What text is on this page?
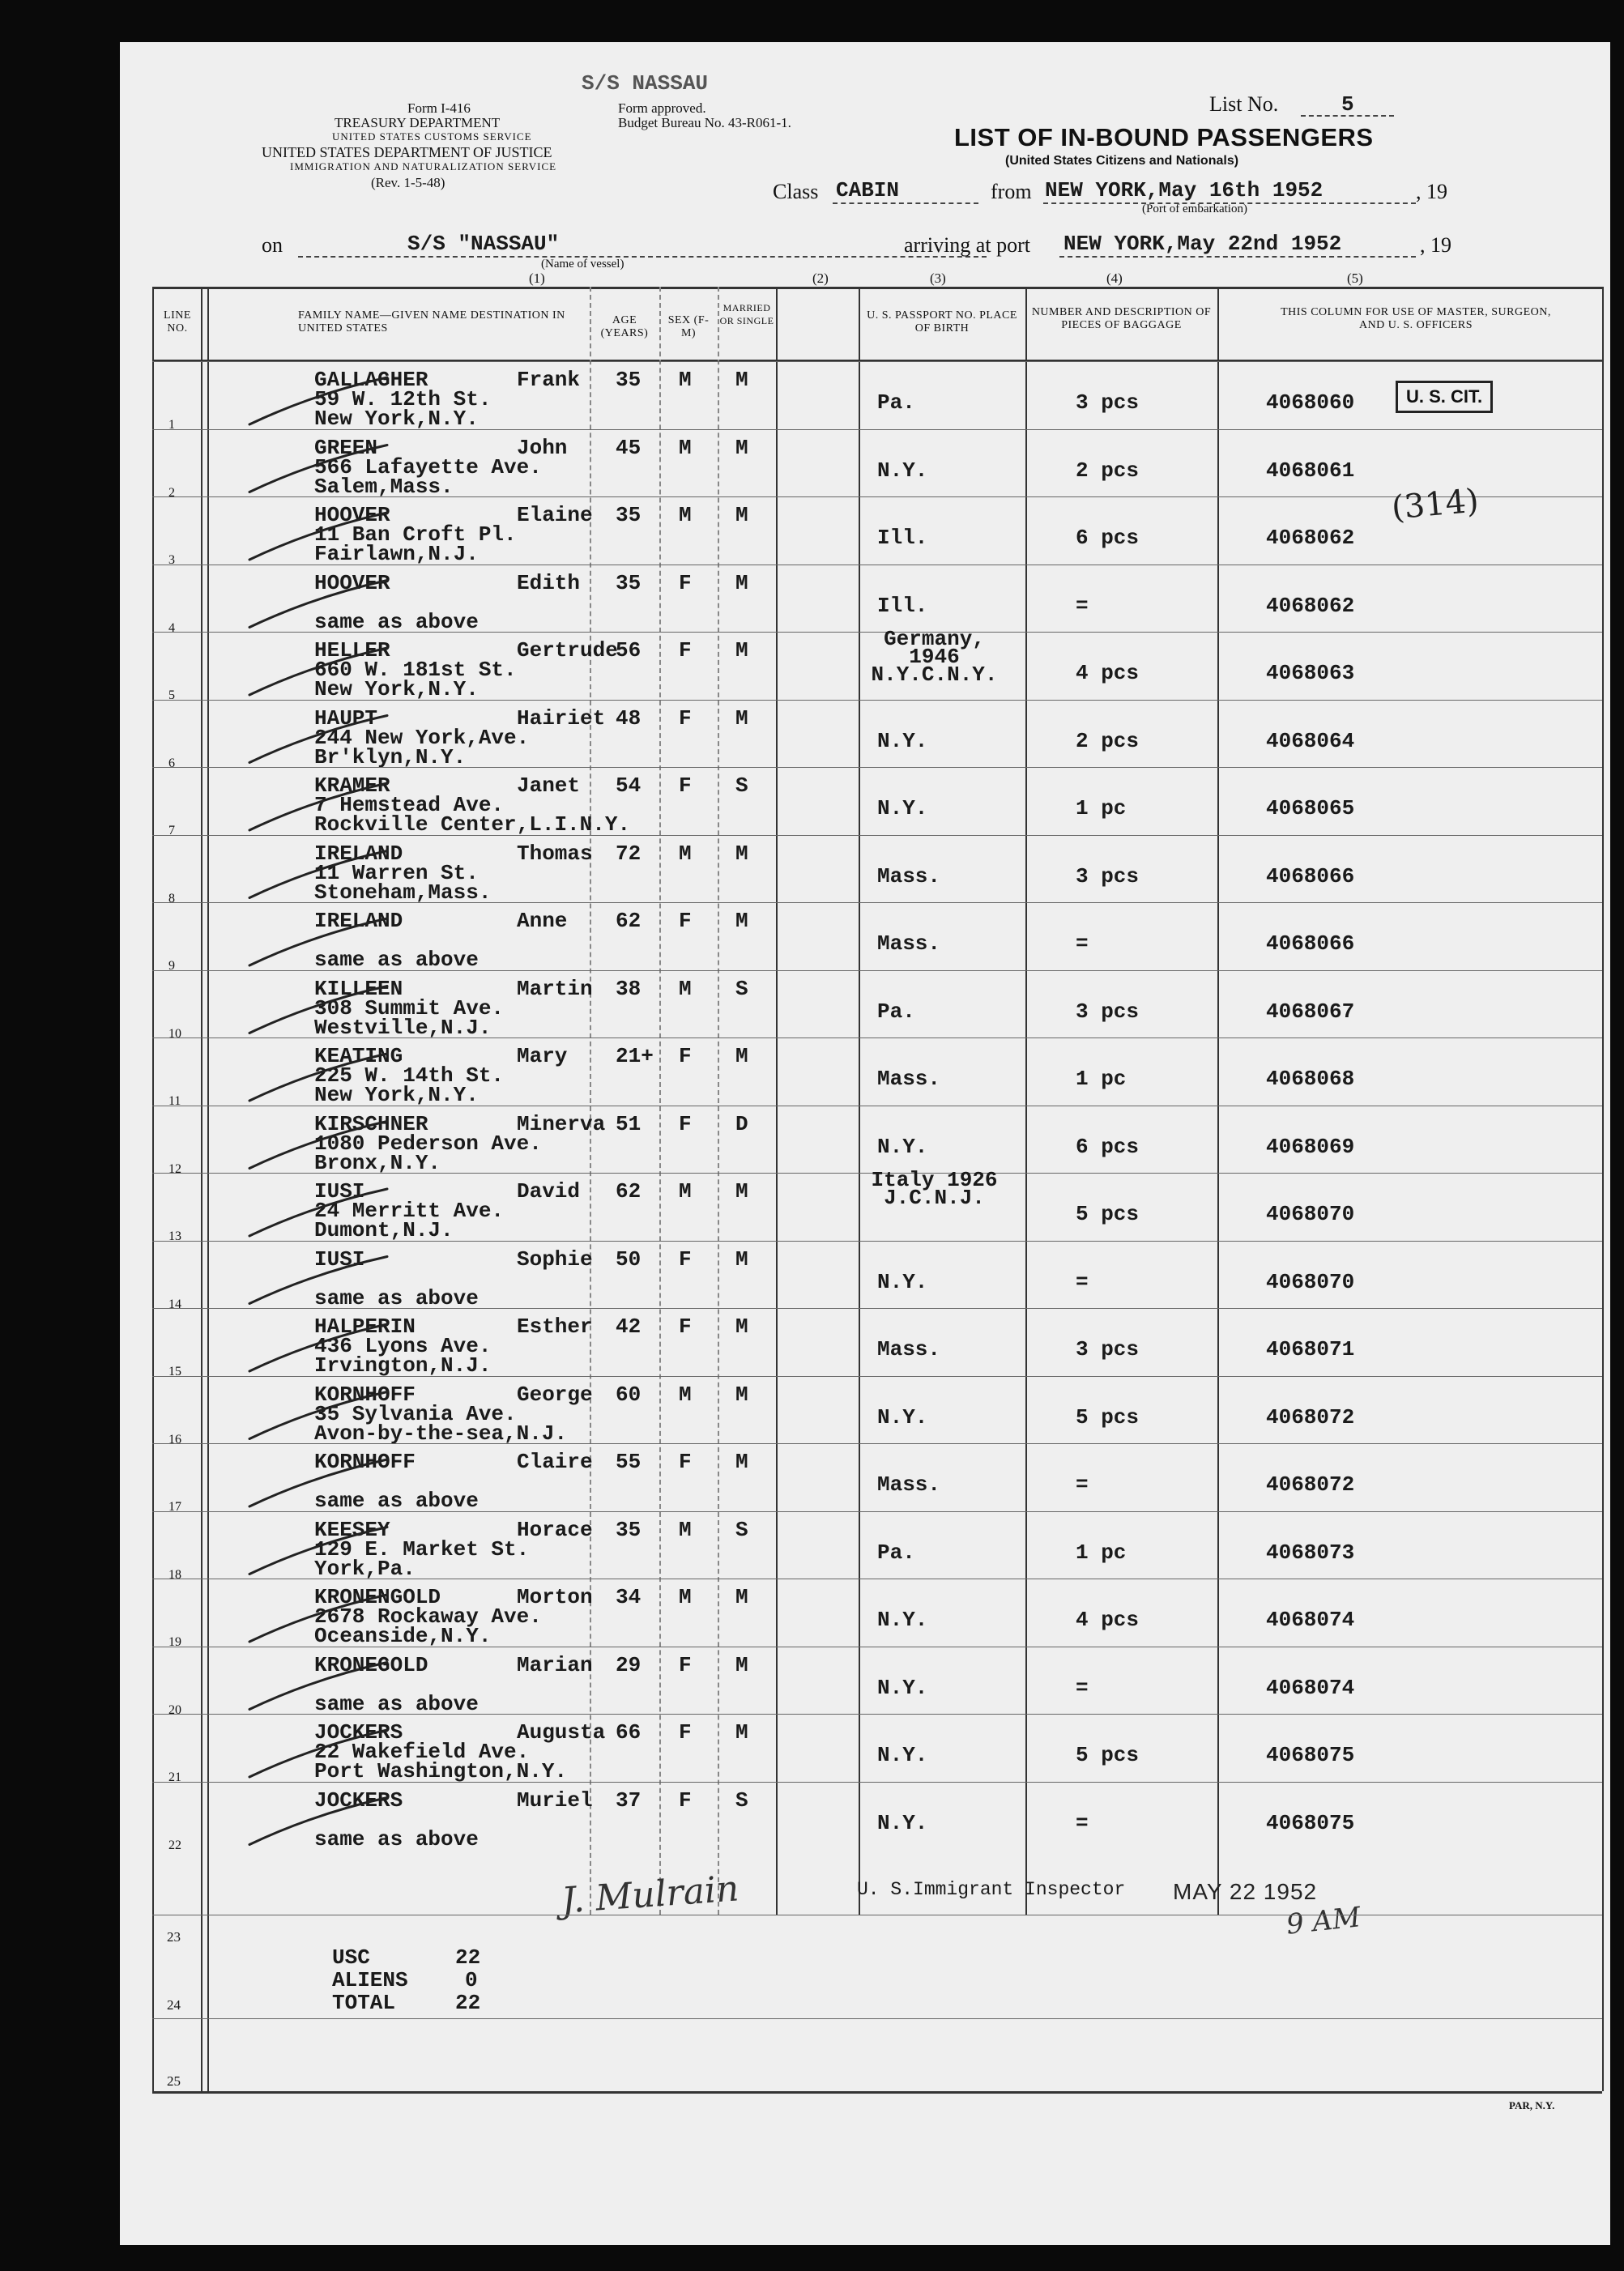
S/S NASSAU
Form I-416
TREASURY DEPARTMENT
UNITED STATES CUSTOMS SERVICE
Form approved.
Budget Bureau No. 43-R061-1.
UNITED STATES DEPARTMENT OF JUSTICE
IMMIGRATION AND NATURALIZATION SERVICE
(Rev. 1-5-48)
List No.	5
LIST OF IN-BOUND PASSENGERS
(United States Citizens and Nationals)
Class CABIN	from NEW YORK,May 16th 1952	, 19
(Port of embarkation)
on	S/S "NASSAU"
(Name of vessel)
arriving at port NEW YORK,May 22nd 1952	, 19
(1)	(2)	(3)	(4)	(5)
LINE NO.
FAMILY NAME—GIVEN NAME DESTINATION IN UNITED STATES
AGE (YEARS)
SEX (F-M)
MARRIED OR SINGLE	U. S. PASSPORT NO. PLACE OF BIRTH
NUMBER AND DESCRIPTION OF PIECES OF BAGGAGE
THIS COLUMN FOR USE OF MASTER, SURGEON, AND U. S. OFFICERS
1
GALLAGHER	Frank
59 W. 12th St.
New York,N.Y.
35 M M
Pa.	3 pcs	4068060
2
GREEN	John
566 Lafayette Ave.
Salem,Mass.
45 M M
N.Y.	2 pcs	4068061
3
HOOVER	Elaine
11 Ban Croft Pl.
Fairlawn,N.J.
35 M M
Ill.	6 pcs	4068062
4
HOOVER	Edith
same as above
35 F M
Ill.	=	4068062
5
HELLER	Gertrude
660 W. 181st St.
New York,N.Y.
56 F M	Germany, 1946 N.Y.C.N.Y.	4 pcs	4068063
6
HAUPT	Hairiet
244 New York,Ave.
Br'klyn,N.Y.
48 F M
N.Y.	2 pcs	4068064
7
KRAMER	Janet
7 Hemstead Ave.
Rockville Center,L.I.N.Y.
54 F S
N.Y.	1 pc	4068065
8
IRELAND	Thomas
11 Warren St.
Stoneham,Mass.
72 M M
Mass.	3 pcs	4068066
9
IRELAND	Anne
same as above
62 F M
Mass.	=	4068066
10
KILLEEN	Martin
308 Summit Ave.
Westville,N.J.
38 M S
Pa.	3 pcs	4068067
11
KEATING	Mary
225 W. 14th St.
New York,N.Y.
21+ F M
Mass.	1 pc	4068068
12
KIRSCHNER	Minerva
1080 Pederson Ave.
Bronx,N.Y.
51 F D
N.Y.	6 pcs	4068069
13
IUSI	David
24 Merritt Ave.
Dumont,N.J.
62 M M	Italy 1926 J.C.N.J.
5 pcs	4068070
14
IUSI	Sophie
same as above
50 F M
N.Y.	=	4068070
15
HALPERIN	Esther
436 Lyons Ave.
Irvington,N.J.
42 F M
Mass.	3 pcs	4068071
16
KORNHOFF	George
35 Sylvania Ave.
Avon-by-the-sea,N.J.
60 M M
N.Y.	5 pcs	4068072
17
KORNHOFF	Claire
same as above
55 F M
Mass.	=	4068072
18
KEESEY	Horace
129 E. Market St.
York,Pa.
35 M S
Pa.	1 pc	4068073
19
KRONENGOLD	Morton
2678 Rockaway Ave.
Oceanside,N.Y.
34 M M
N.Y.	4 pcs	4068074
20
KRONEGOLD	Marian
same as above
29 F M
N.Y.	=	4068074
21
JOCKERS	Augusta
22 Wakefield Ave.
Port Washington,N.Y.
66 F M
N.Y.	5 pcs	4068075
22
JOCKERS	Muriel
same as above
37 F S
N.Y.	=	4068075
U. S. CIT.
(314)
J. Mulrain	U. S.Immigrant Inspector MAY 22 1952
9 AM
USC	22
ALIENS	0
TOTAL	22
23
24
25
PAR, N.Y.
